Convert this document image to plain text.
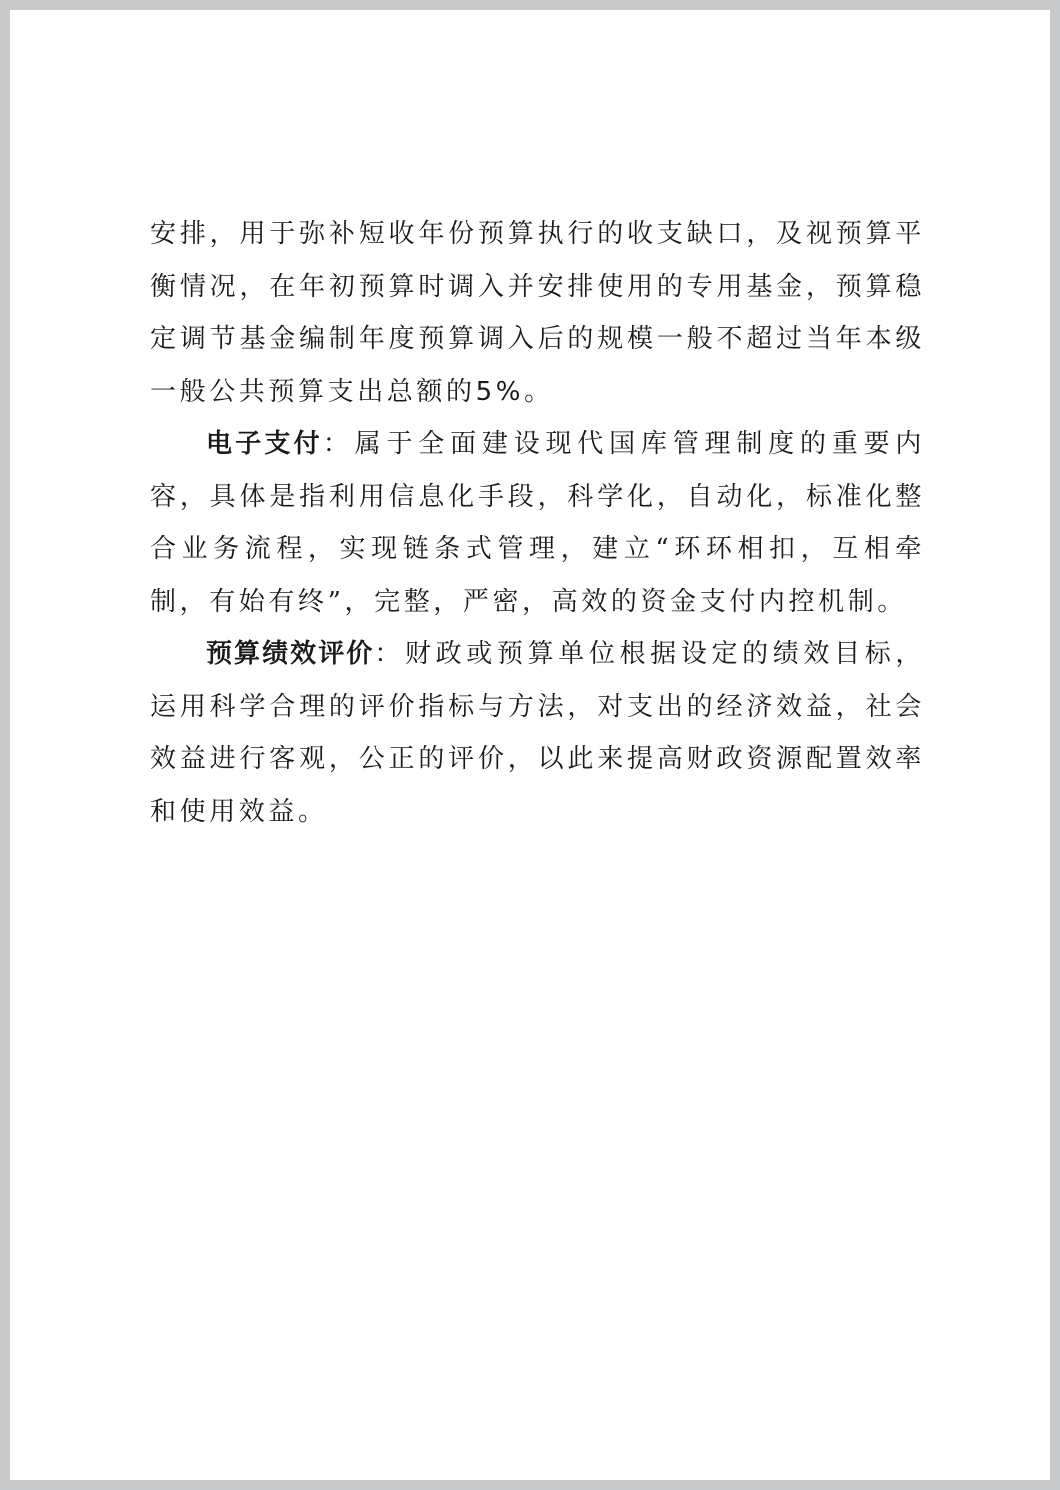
安排，用于弥补短收年份预算执行的收支缺口，及视预算平衡情况，在年初预算时调入并安排使用的专用基金，预算稳定调节基金编制年度预算调入后的规模一般不超过当年本级一般公共预算支出总额的5%。

电子支付：属于全面建设现代国库管理制度的重要内容，具体是指利用信息化手段，科学化，自动化，标准化整合业务流程，实现链条式管理，建立“环环相扣，互相牵制，有始有终”，完整，严密，高效的资金支付内控机制。

预算绩效评价：财政或预算单位根据设定的绩效目标，运用科学合理的评价指标与方法，对支出的经济效益，社会效益进行客观，公正的评价，以此来提高财政资源配置效率和使用效益。
